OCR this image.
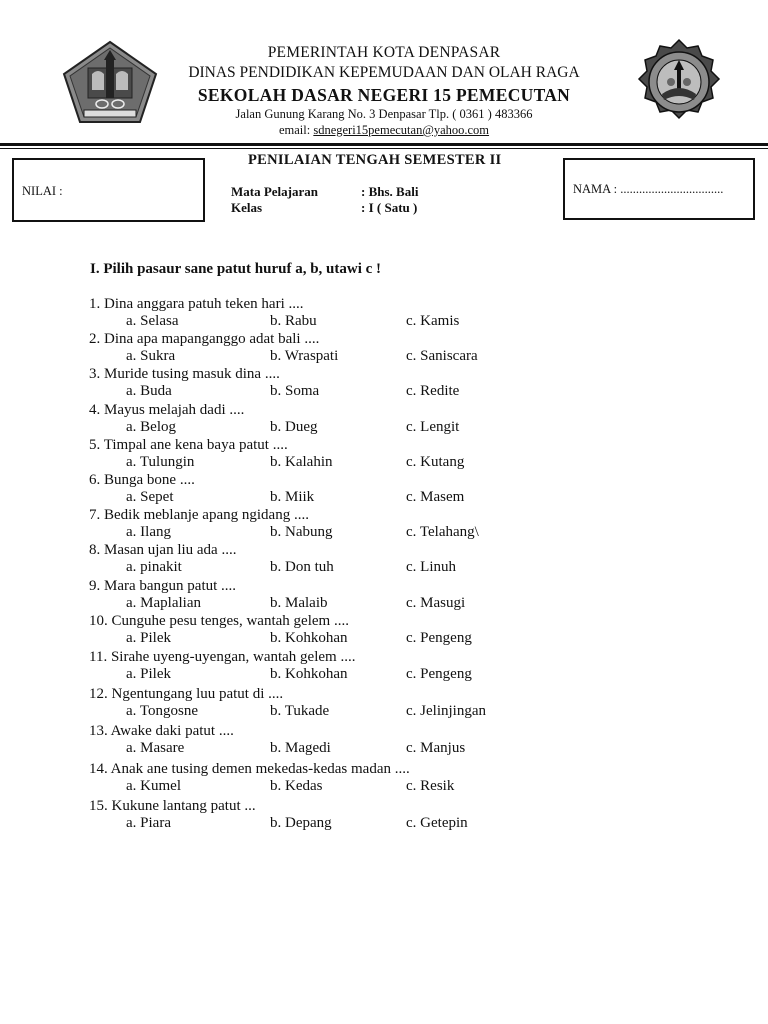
PEMERINTAH KOTA DENPASAR
DINAS PENDIDIKAN KEPEMUDAAN DAN OLAH RAGA
SEKOLAH DASAR NEGERI 15 PEMECUTAN
Jalan Gunung Karang No. 3 Denpasar Tlp. ( 0361 ) 483366
email: sdnegeri15pemecutan@yahoo.com
NILAI :	NAMA : .................................
PENILAIAN TENGAH SEMESTER II
Mata Pelajaran	: Bhs. Bali
Kelas	: I ( Satu )
I. Pilih pasaur sane patut huruf a, b, utawi c !
1. Dina anggara patuh teken hari ....
a. Selasa	b. Rabu	c. Kamis
2. Dina apa mapanganggo adat bali ....
a. Sukra	b. Wraspati	c. Saniscara
3. Muride tusing masuk dina ....
a. Buda	b. Soma	c. Redite
4. Mayus melajah dadi ....
a. Belog	b. Dueg	c. Lengit
5. Timpal ane kena baya patut ....
a. Tulungin	b. Kalahin	c. Kutang
6. Bunga bone ....
a. Sepet	b. Miik	c. Masem
7. Bedik meblanje apang ngidang ....
a. Ilang	b. Nabung	c. Telahang\
8. Masan ujan liu ada ....
a. pinakit	b. Don tuh	c. Linuh
9. Mara bangun patut ....
a. Maplalian	b. Malaib	c. Masugi
10. Cunguhe pesu tenges, wantah gelem ....
a. Pilek	b. Kohkohan	c. Pengeng
11. Sirahe uyeng-uyengan, wantah gelem ....
a. Pilek	b. Kohkohan	c. Pengeng
12. Ngentungang luu patut di ....
a. Tongosne	b. Tukade	c. Jelinjingan
13. Awake daki patut ....
a. Masare	b. Magedi	c. Manjus
14. Anak ane tusing demen mekedas-kedas madan ....
a. Kumel	b. Kedas	c. Resik
15. Kukune lantang patut ...
a. Piara	b. Depang	c. Getepin
